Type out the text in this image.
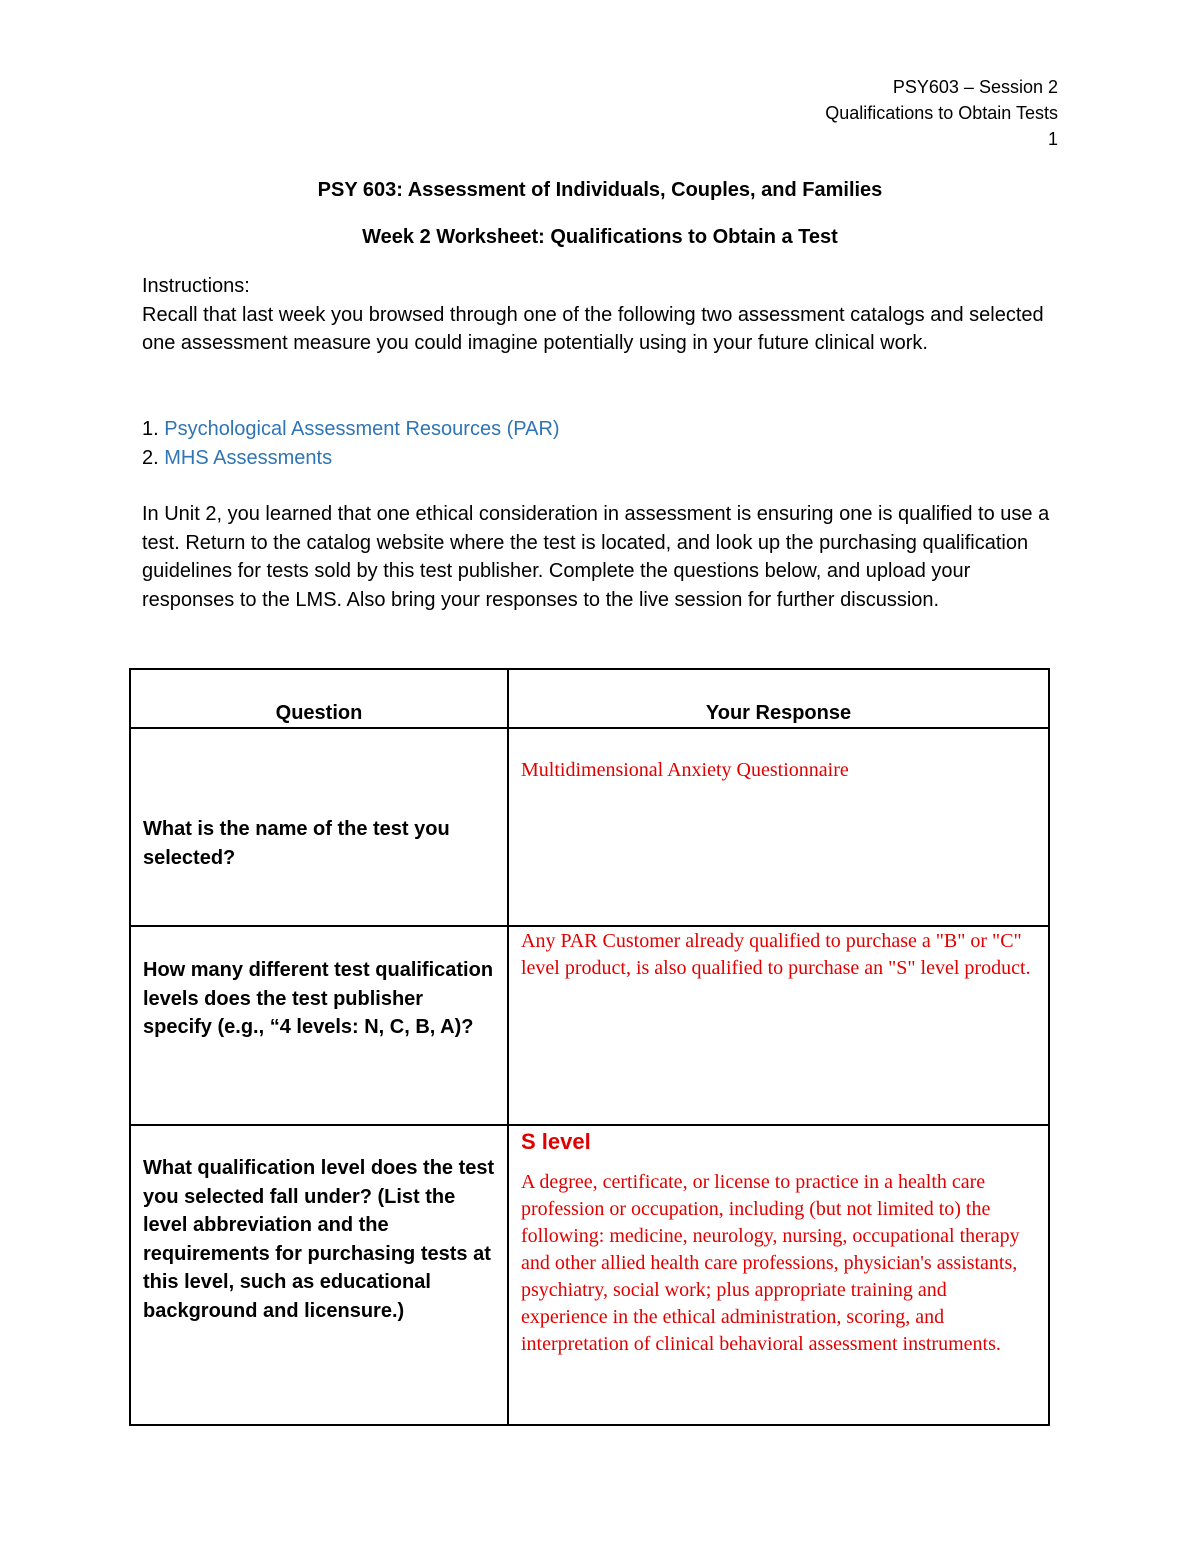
PSY603 – Session 2
Qualifications to Obtain Tests
1
PSY 603: Assessment of Individuals, Couples, and Families
Week 2 Worksheet: Qualifications to Obtain a Test
Instructions:
Recall that last week you browsed through one of the following two assessment catalogs and selected one assessment measure you could imagine potentially using in your future clinical work.
1. Psychological Assessment Resources (PAR)
2. MHS Assessments
In Unit 2, you learned that one ethical consideration in assessment is ensuring one is qualified to use a test. Return to the catalog website where the test is located, and look up the purchasing qualification guidelines for tests sold by this test publisher. Complete the questions below, and upload your responses to the LMS. Also bring your responses to the live session for further discussion.
Question	Your Response

What is the name of the test you selected?	Multidimensional Anxiety Questionnaire

How many different test qualification levels does the test publisher specify (e.g., “4 levels: N, C, B, A)?	Any PAR Customer already qualified to purchase a "B" or "C" level product, is also qualified to purchase an "S" level product.

What qualification level does the test you selected fall under? (List the level abbreviation and the requirements for purchasing tests at this level, such as educational background and licensure.)	S level
A degree, certificate, or license to practice in a health care profession or occupation, including (but not limited to) the following: medicine, neurology, nursing, occupational therapy and other allied health care professions, physician's assistants, psychiatry, social work; plus appropriate training and experience in the ethical administration, scoring, and interpretation of clinical behavioral assessment instruments.
